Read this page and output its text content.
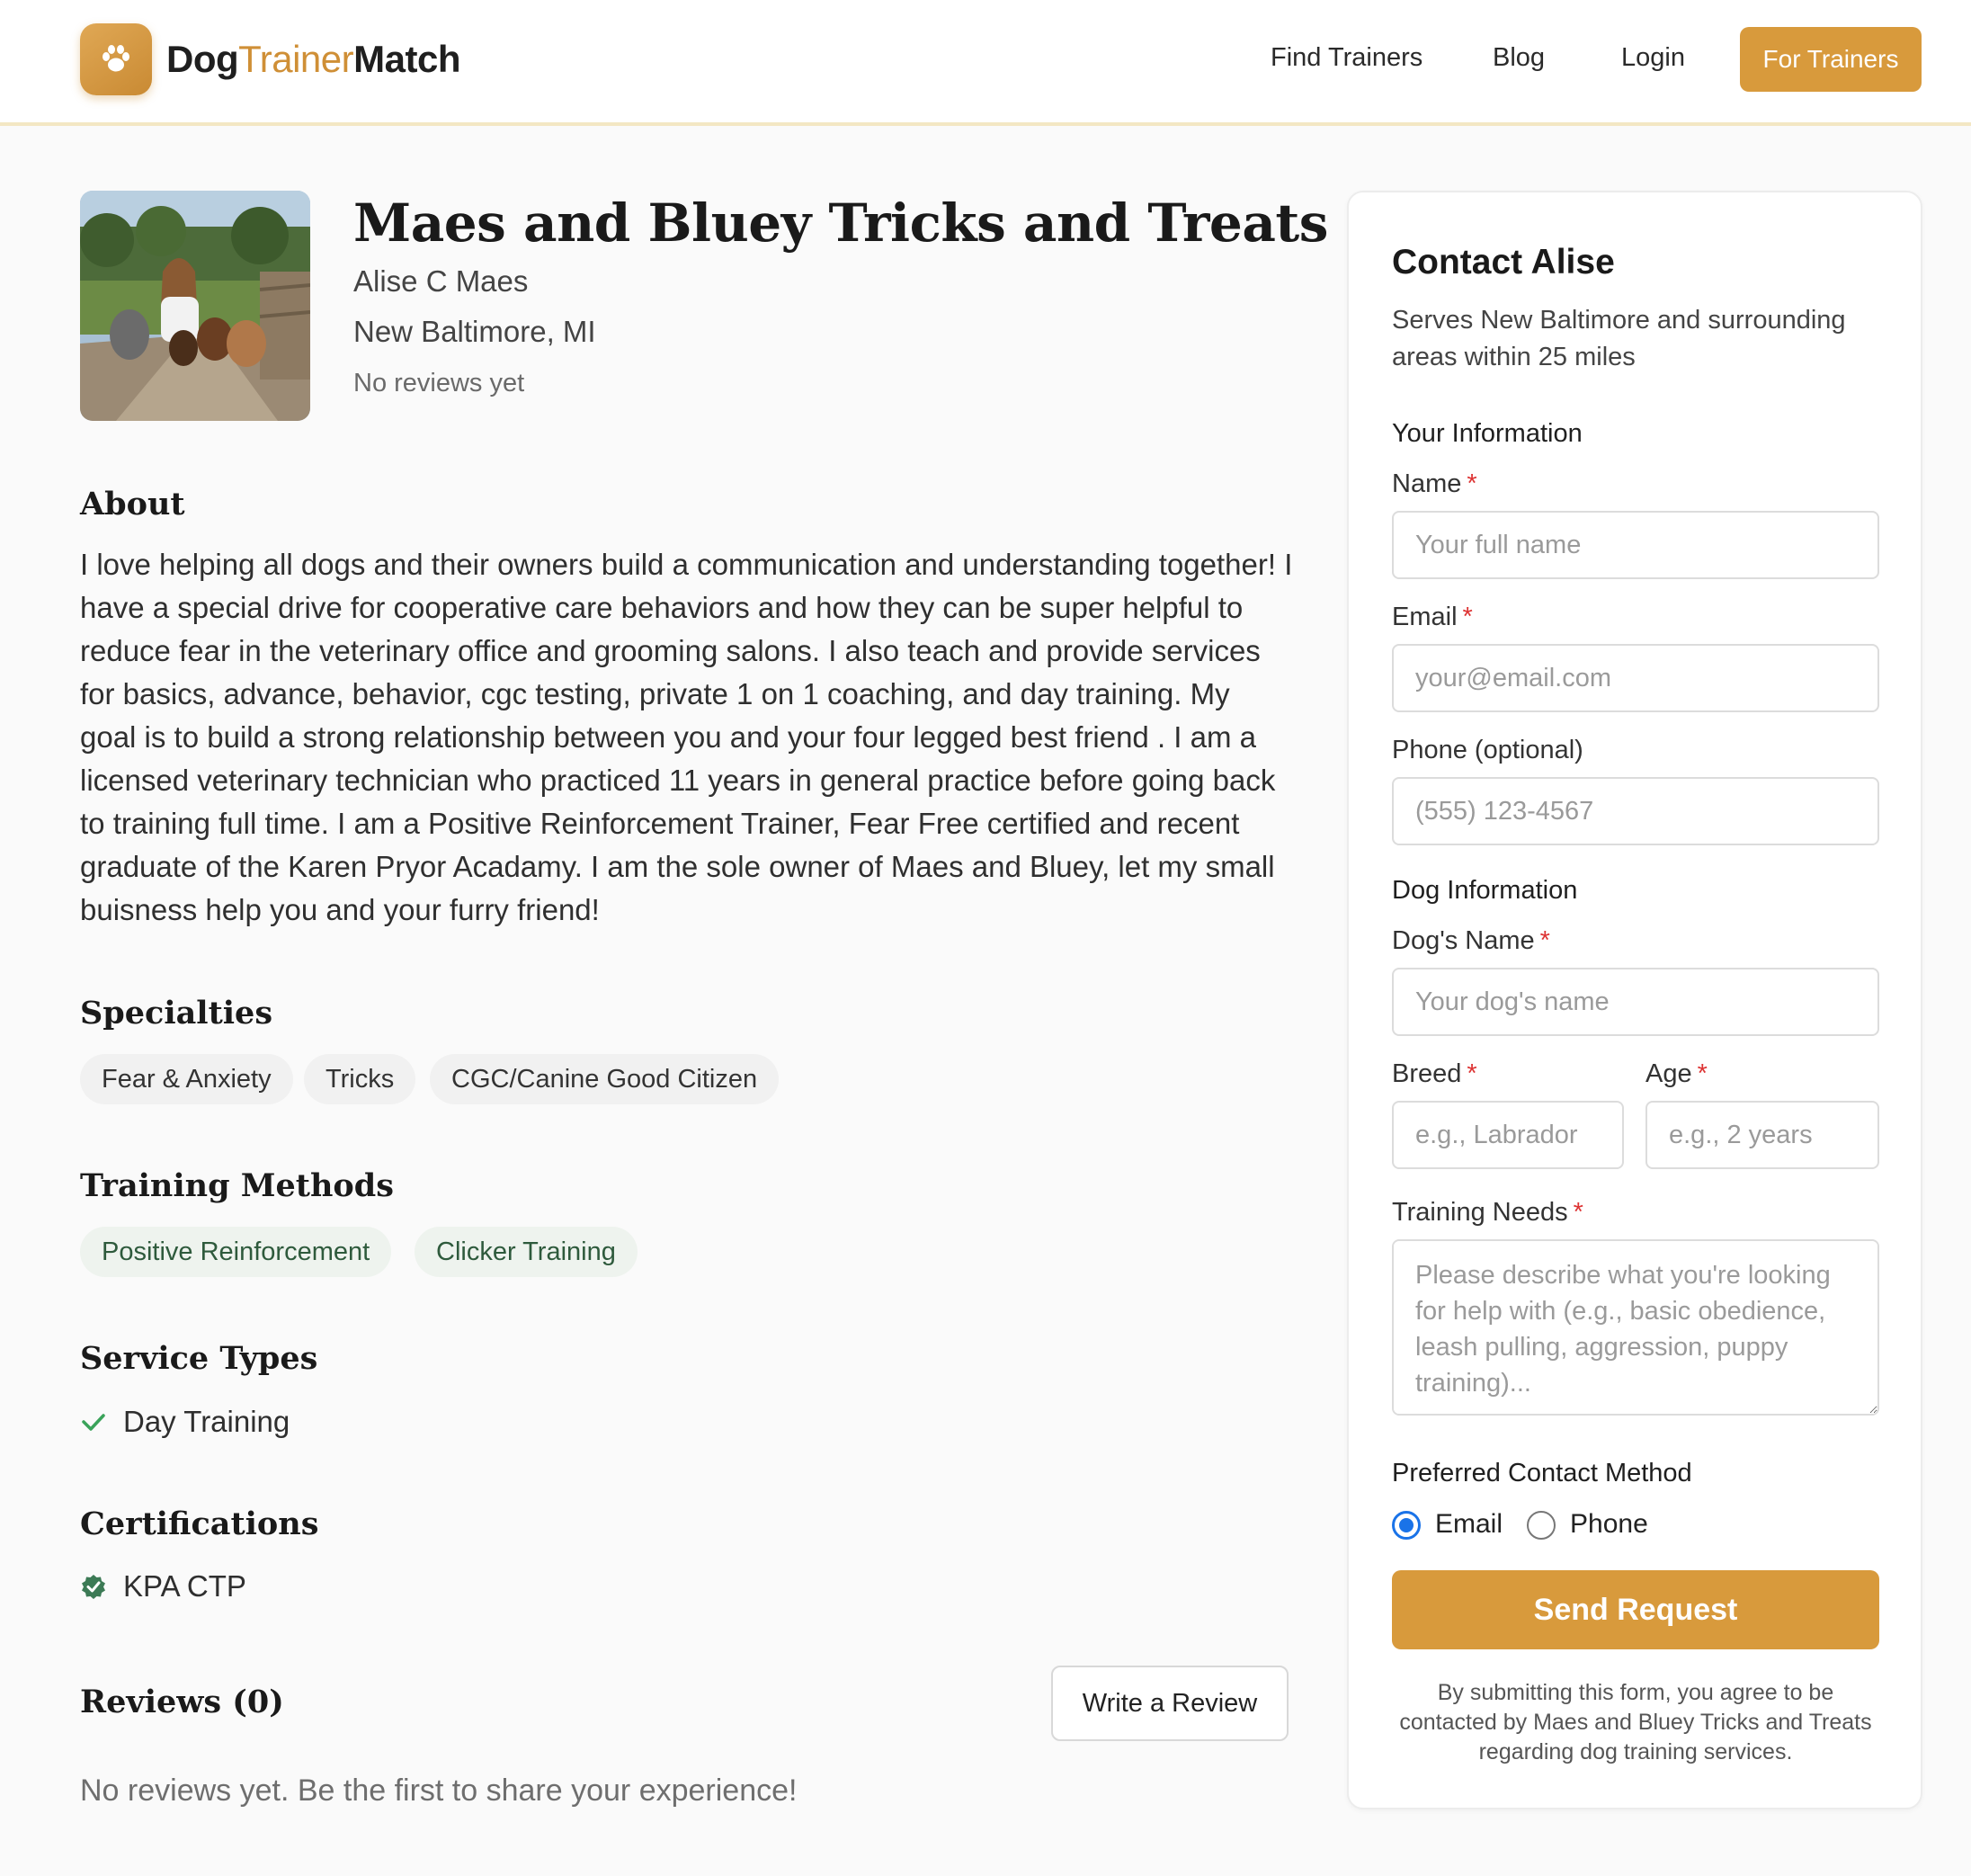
DogTrainerMatch	Find Trainers	Blog	Login	For Trainers
Maes and Bluey Tricks and Treats
Alise C Maes
New Baltimore, MI
No reviews yet
About
I love helping all dogs and their owners build a communication and understanding together! I have a special drive for cooperative care behaviors and how they can be super helpful to reduce fear in the veterinary office and grooming salons. I also teach and provide services for basics, advance, behavior, cgc testing, private 1 on 1 coaching, and day training. My goal is to build a strong relationship between you and your four legged best friend . I am a licensed veterinary technician who practiced 11 years in general practice before going back to training full time. I am a Positive Reinforcement Trainer, Fear Free certified and recent graduate of the Karen Pryor Acadamy. I am the sole owner of Maes and Bluey, let my small buisness help you and your furry friend!
Specialties
Fear & Anxiety	Tricks	CGC/Canine Good Citizen
Training Methods
Positive Reinforcement	Clicker Training
Service Types
Day Training
Certifications
KPA CTP
Reviews (0)	Write a Review
No reviews yet. Be the first to share your experience!
Contact Alise
Serves New Baltimore and surrounding areas within 25 miles
Your Information
Name *
Your full name
Email *
your@email.com
Phone (optional)
(555) 123-4567
Dog Information
Dog's Name *
Your dog's name
Breed *
e.g., Labrador	Age *
e.g., 2 years
Training Needs *
Please describe what you're looking for help with (e.g., basic obedience, leash pulling, aggression, puppy training)...
Preferred Contact Method
Email Phone
Send Request
By submitting this form, you agree to be contacted by Maes and Bluey Tricks and Treats regarding dog training services.
